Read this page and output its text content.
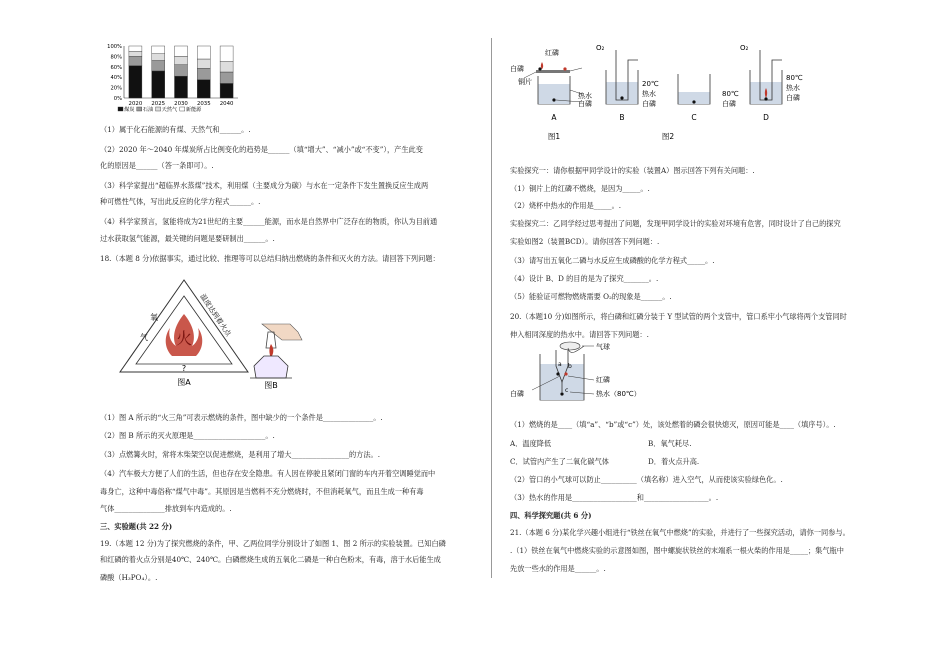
100%
80%
60%
40%
20%
0%
2020 2025 2030 2035 2040
煤炭 石油 天然气 新能源
（1）属于化石能源的有煤、天然气和______。.
（2）2020 年～2040 年煤炭所占比例变化的趋势是______（填“增大”、“减小”或“不变”），产生此变
化的原因是______（答一条即可）。.
（3）科学家提出“超临界水蒸煤”技术，利用煤（主要成分为碳）与水在一定条件下发生置换反应生成两
种可燃性气体，写出此反应的化学方程式______。.
（4）科学家预言，氢能将成为21世纪的主要______能源，而水是自然界中广泛存在的物质，你认为目前通
过水获取氢气能源，最关键的问题是要研制出______。.
18.（本题 8 分)依据事实，通过比较、推理等可以总结归纳出燃烧的条件和灭火的方法。请回答下列问题：
火
氧
气	温度达到着火点
?
图A	图B
（1）图 A 所示的“火三角”可表示燃烧的条件，图中缺少的一个条件是______________。.
（2）图 B 所示的灭火原理是____________________。.
（3）点燃篝火时，常将木柴架空以促进燃烧，是利用了增大________________的方法。.
（4）汽车极大方便了人们的生活，但也存在安全隐患。有人因在停驶且紧闭门窗的车内开着空调睡觉而中
毒身亡，这种中毒俗称“煤气中毒”。其原因是当燃料不充分燃烧时，不但消耗氧气，而且生成一种有毒
气体______________排放到车内造成的。.
三、实验题(共 22 分)
19.（本题 12 分)为了探究燃烧的条件，甲、乙两位同学分别设计了如图 1、图 2 所示的实验装置。已知白磷
和红磷的着火点分别是40℃、240℃。白磷燃烧生成的五氧化二磷是一种白色粉末，有毒，溶于水后能生成
磷酸（H₃PO₄）。.
红磷
白磷
铜片
热水
白磷
A
图1
O₂
20℃
热水
白磷
B
80℃
白磷
C
图2
O₂
80℃
热水
白磷
D
实验探究一：请你根据甲同学设计的实验（装置A）图示回答下列有关问题：.
（1）铜片上的红磷不燃烧，是因为_____。.
（2）烧杯中热水的作用是_____。.
实验探究二：乙同学经过思考提出了问题，发现甲同学设计的实验对环境有危害，同时设计了自己的探究
实验如图2（装置BCD）。请你回答下列问题：.
（3）请写出五氧化二磷与水反应生成磷酸的化学方程式_____。.
（4）设计 B、D 的目的是为了探究_______。.
（5）能验证可燃物燃烧需要 O₂的现象是______。.
20.（本题10 分)如图所示，将白磷和红磷分装于 Y 型试管的两个支管中，管口系牢小气球将两个支管同时
伸入相同深度的热水中。请回答下列问题：.
a b
c
气球
红磷
白磷	热水（80℃）
（1）燃烧的是____（填“a”、“b”或“c”）处，该处燃着的磷会很快熄灭，原因可能是____（填序号）。.
A．温度降低	B．氧气耗尽.
C．试管内产生了二氧化碳气体	D．着火点升高.
（2）管口的小气球可以防止__________（填名称）进入空气，从而使该实验绿色化。.
（3）热水的作用是__________________和__________________。.
四、科学探究题(共 6 分)
21.（本题 6 分)某化学兴趣小组进行“铁丝在氧气中燃烧”的实验，并进行了一些探究活动，请你一同参与。
.（1）铁丝在氧气中燃烧实验的示意图如图，图中螺旋状铁丝的末端系一根火柴的作用是_____；集气瓶中
先放一些水的作用是______。.
